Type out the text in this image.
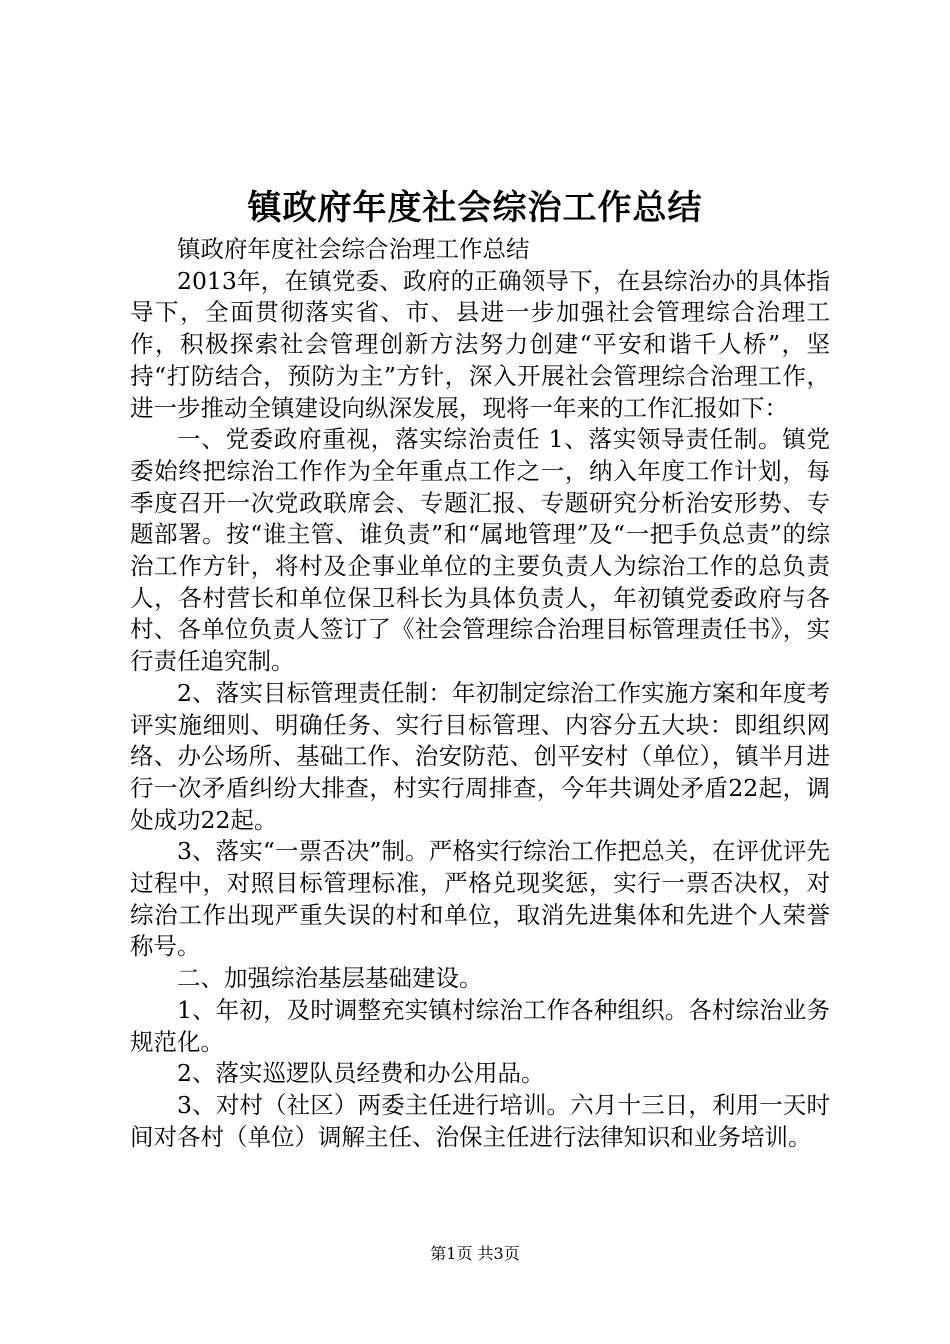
镇政府年度社会综治工作总结

镇政府年度社会综合治理工作总结

2013年，在镇党委、政府的正确领导下，在县综治办的具体指导下，全面贯彻落实省、市、县进一步加强社会管理综合治理工作，积极探索社会管理创新方法努力创建“平安和谐千人桥”，坚持“打防结合，预防为主”方针，深入开展社会管理综合治理工作，进一步推动全镇建设向纵深发展，现将一年来的工作汇报如下：

一、党委政府重视，落实综治责任 1、落实领导责任制。镇党委始终把综治工作作为全年重点工作之一，纳入年度工作计划，每季度召开一次党政联席会、专题汇报、专题研究分析治安形势、专题部署。按“谁主管、谁负责”和“属地管理”及“一把手负总责”的综治工作方针，将村及企事业单位的主要负责人为综治工作的总负责人，各村营长和单位保卫科长为具体负责人，年初镇党委政府与各村、各单位负责人签订了《社会管理综合治理目标管理责任书》，实行责任追究制。

2、落实目标管理责任制：年初制定综治工作实施方案和年度考评实施细则、明确任务、实行目标管理、内容分五大块：即组织网络、办公场所、基础工作、治安防范、创平安村（单位），镇半月进行一次矛盾纠纷大排查，村实行周排查，今年共调处矛盾22起，调处成功22起。

3、落实“一票否决”制。严格实行综治工作把总关，在评优评先过程中，对照目标管理标准，严格兑现奖惩，实行一票否决权，对综治工作出现严重失误的村和单位，取消先进集体和先进个人荣誉称号。

二、加强综治基层基础建设。

1、年初，及时调整充实镇村综治工作各种组织。各村综治业务规范化。

2、落实巡逻队员经费和办公用品。

3、对村（社区）两委主任进行培训。六月十三日，利用一天时间对各村（单位）调解主任、治保主任进行法律知识和业务培训。

第1页 共3页
